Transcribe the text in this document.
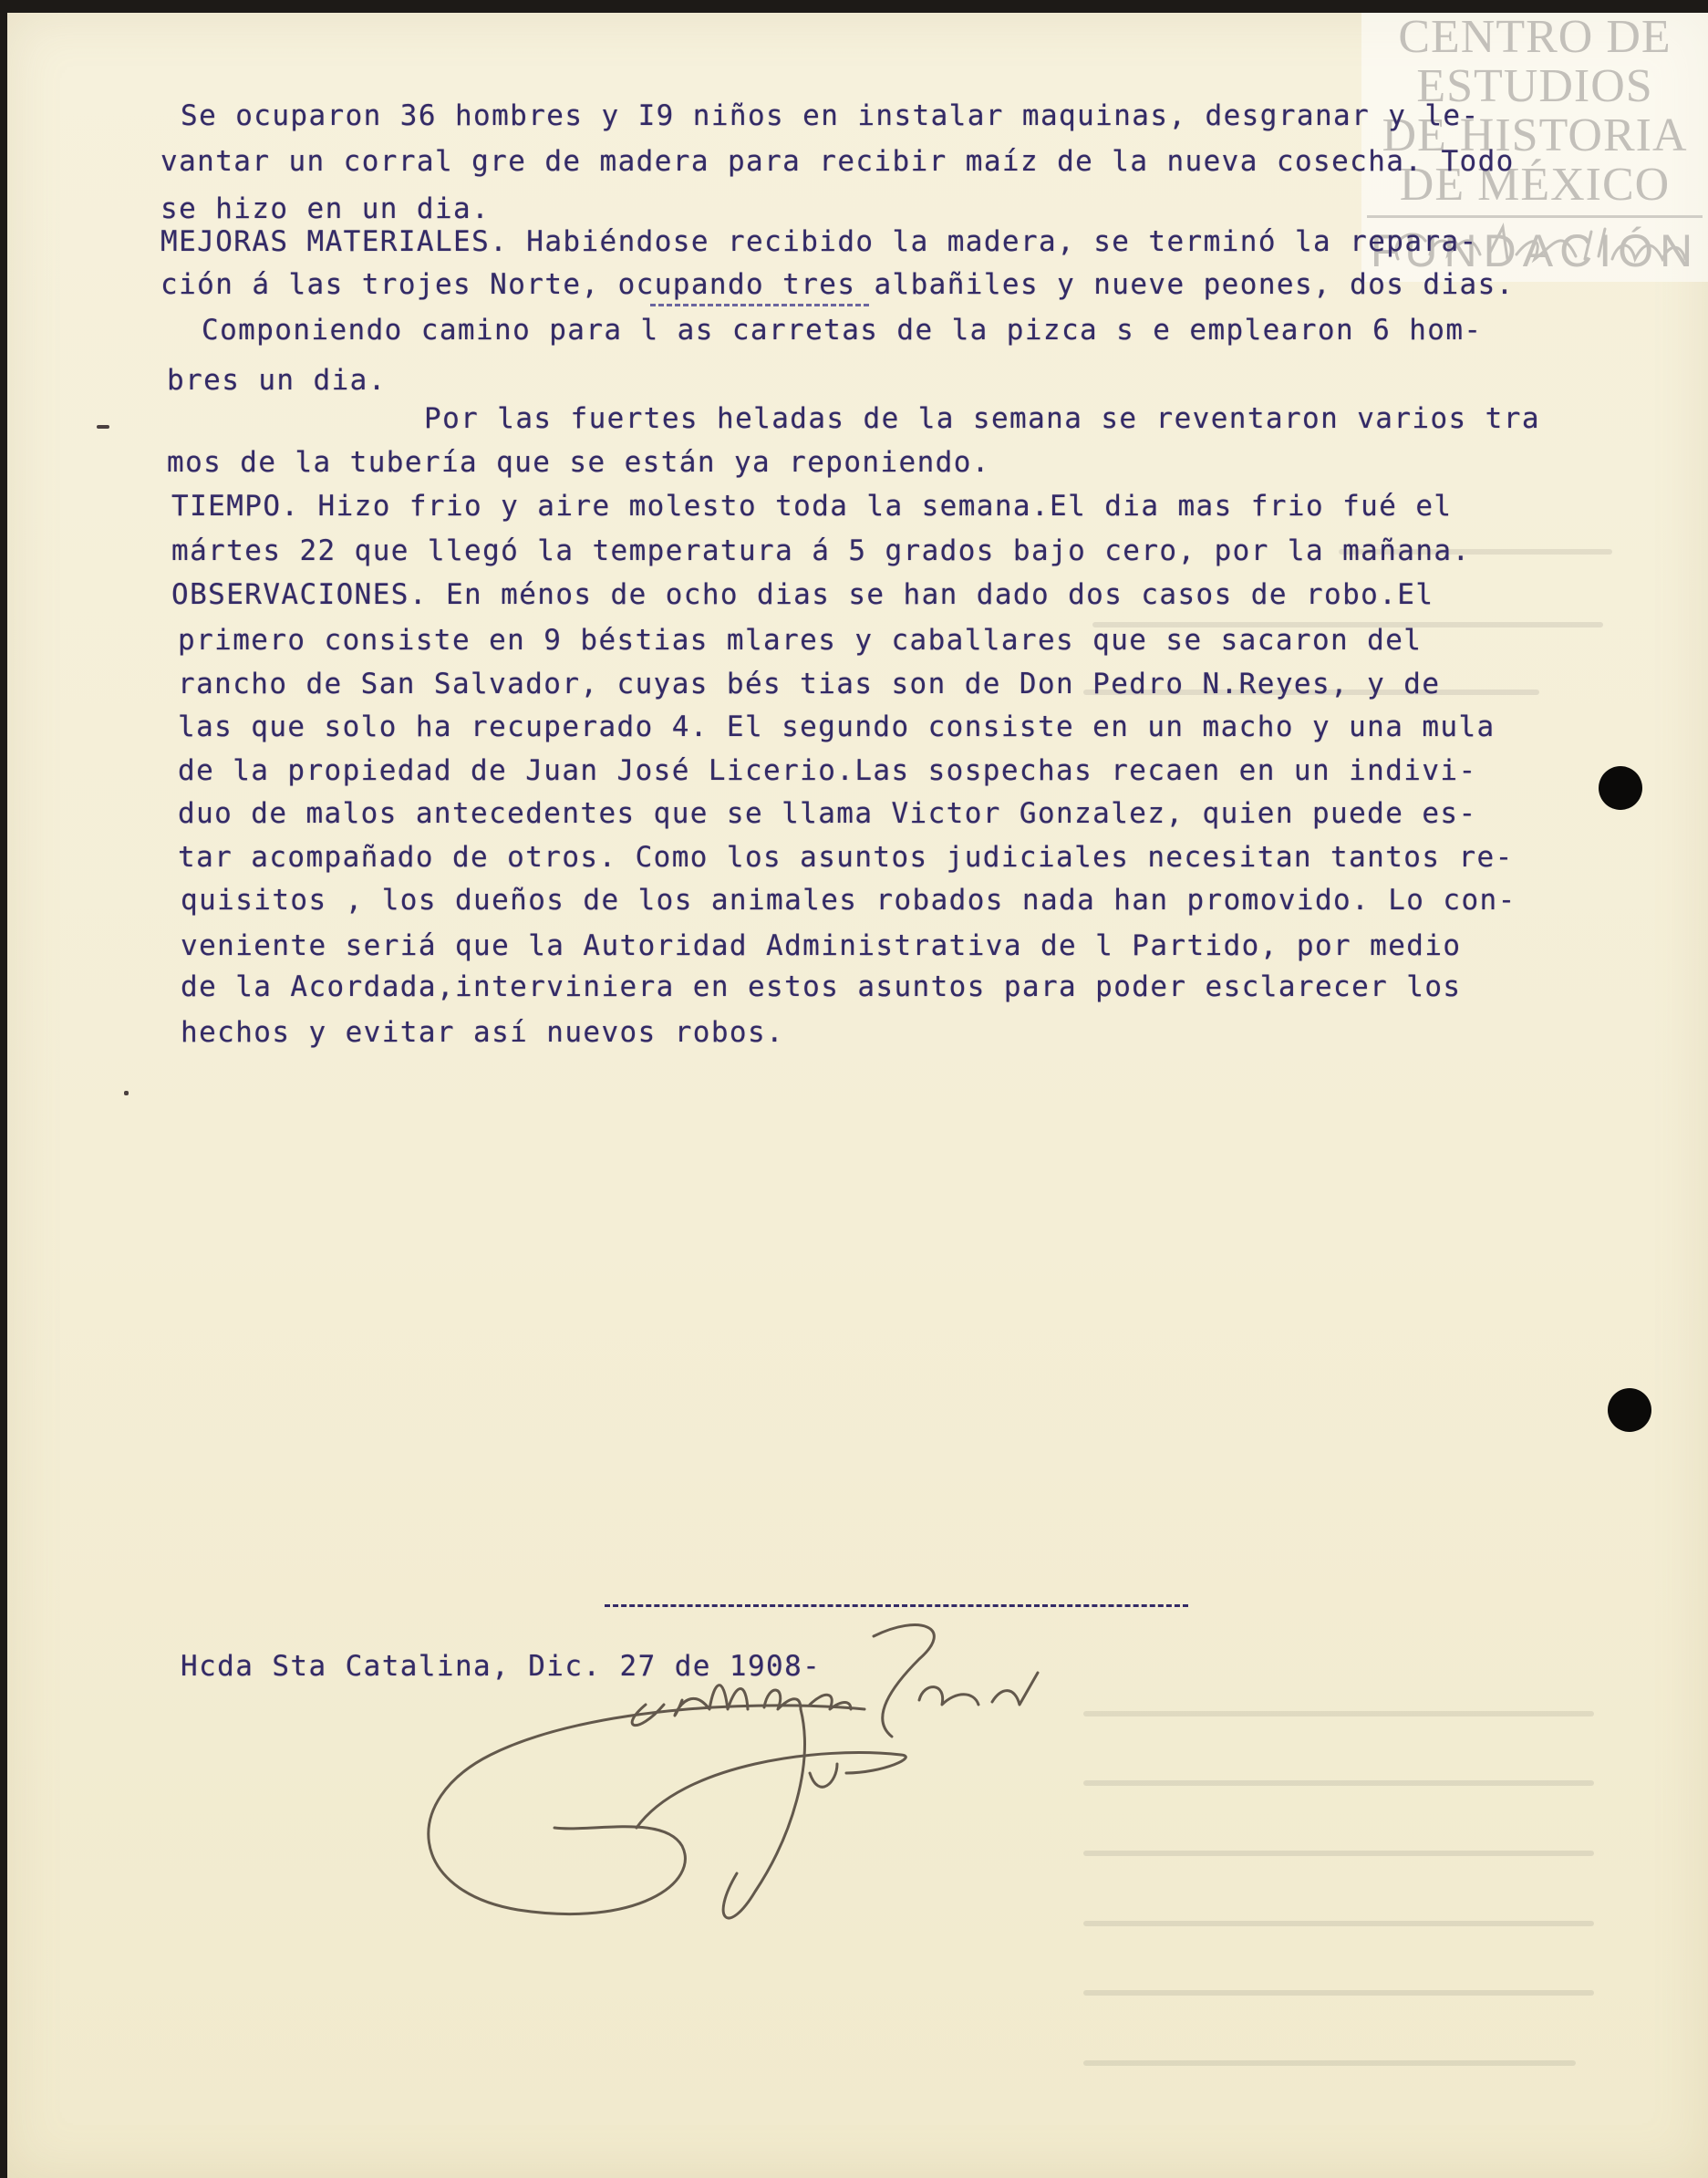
CENTRO DE
ESTUDIOS
DE HISTORIA
DE MÉXICO
FUNDACIÓN
Se ocuparon 36 hombres y I9 niños en instalar maquinas, desgranar y le-
vantar un corral gre de madera para recibir maíz de la nueva cosecha. Todo
se hizo en un dia.
MEJORAS MATERIALES. Habiéndose recibido la madera, se terminó la repara-
ción á las trojes Norte, ocupando tres albañiles y nueve peones, dos dias.
Componiendo camino para l as carretas de la pizca s e emplearon 6 hom-
bres un dia.
Por las fuertes heladas de la semana se reventaron varios tra
mos de la tubería que se están ya reponiendo.
TIEMPO. Hizo frio y aire molesto toda la semana.El dia mas frio fué el
mártes 22 que llegó la temperatura á 5 grados bajo cero, por la mañana.
OBSERVACIONES. En ménos de ocho dias se han dado dos casos de robo.El
primero consiste en 9 béstias mlares y caballares que se sacaron del
rancho de San Salvador, cuyas bés tias son de Don Pedro N.Reyes, y de
las que solo ha recuperado 4. El segundo consiste en un macho y una mula
de la propiedad de Juan José Licerio.Las sospechas recaen en un indivi-
duo de malos antecedentes que se llama Victor Gonzalez, quien puede es-
tar acompañado de otros. Como los asuntos judiciales necesitan tantos re-
quisitos , los dueños de los animales robados nada han promovido. Lo con-
veniente seriá que la Autoridad Administrativa de l Partido, por medio
de la Acordada,interviniera en estos asuntos para poder esclarecer los
hechos y evitar así nuevos robos.
Hcda Sta Catalina, Dic. 27 de 1908-
Migl. Soto
